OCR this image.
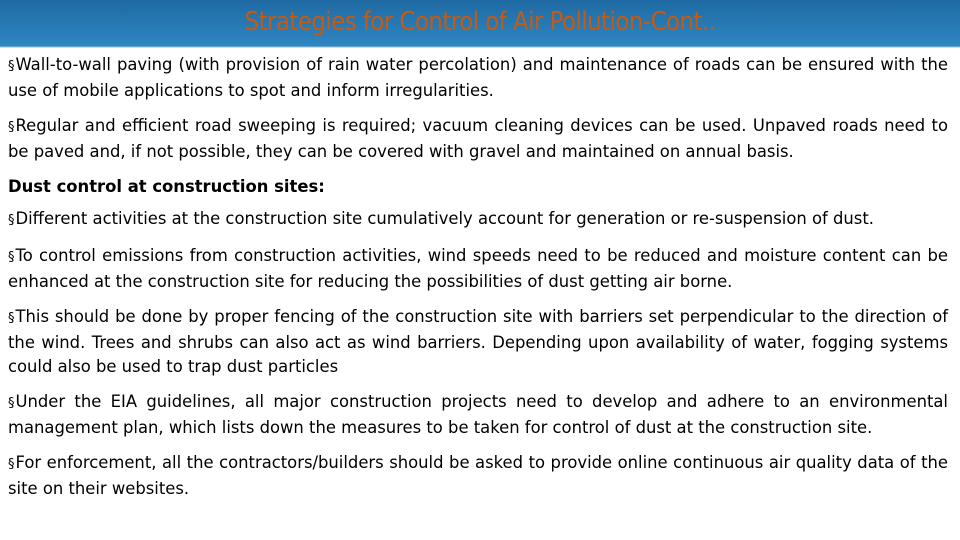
Strategies for Control of Air Pollution-Cont..

§Wall-to-wall paving (with provision of rain water percolation) and maintenance of roads can be ensured with the use of mobile applications to spot and inform irregularities.

§Regular and efficient road sweeping is required; vacuum cleaning devices can be used. Unpaved roads need to be paved and, if not possible, they can be covered with gravel and maintained on annual basis.

Dust control at construction sites:

§Different activities at the construction site cumulatively account for generation or re-suspension of dust.

§To control emissions from construction activities, wind speeds need to be reduced and moisture content can be enhanced at the construction site for reducing the possibilities of dust getting air borne.

§This should be done by proper fencing of the construction site with barriers set perpendicular to the direction of the wind. Trees and shrubs can also act as wind barriers. Depending upon availability of water, fogging systems could also be used to trap dust particles

§Under the EIA guidelines, all major construction projects need to develop and adhere to an environmental management plan, which lists down the measures to be taken for control of dust at the construction site.

§For enforcement, all the contractors/builders should be asked to provide online continuous air quality data of the site on their websites.
